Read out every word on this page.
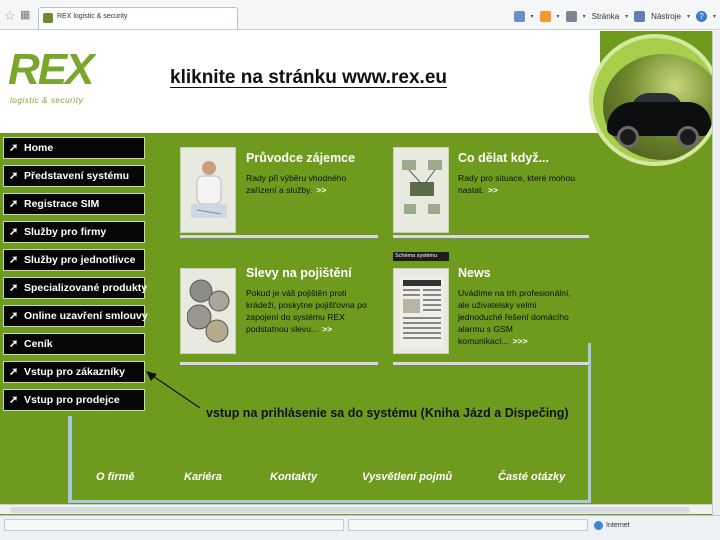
☆ ▦	REX logistic & security	▾	▾	▾ Stránka ▾	Nástroje ▾	?	▾
REX
logistic & security
kliknite na stránku www.rex.eu
➚ Home
➚ Představení systému
➚ Registrace SIM
➚ Služby pro firmy
➚ Služby pro jednotlivce
➚ Specializované produkty
➚ Online uzavření smlouvy
➚ Ceník
➚ Vstup pro zákazníky
➚ Vstup pro prodejce
Průvodce zájemce
Rady při výběru vhodného zařízení a služby. >>
Schéma systému
Co dělat když...
Rady pro situace, které mohou nastat. >>
Slevy na pojištění
Pokud je váš pojištěn proti krádeži, poskytne pojišťovna po zapojení do systému REX podstatnou slevu... >>
News
Uvádíme na trh profesionální, ale uživatelsky velmi jednoduché řešení domácího alarmu s GSM komunikací... >>>
vstup na prihlásenie sa do systému (Kniha Jázd a Dispečing)
O firmě	Kariéra	Kontakty	Vysvětlení pojmů	Časté otázky
Internet
